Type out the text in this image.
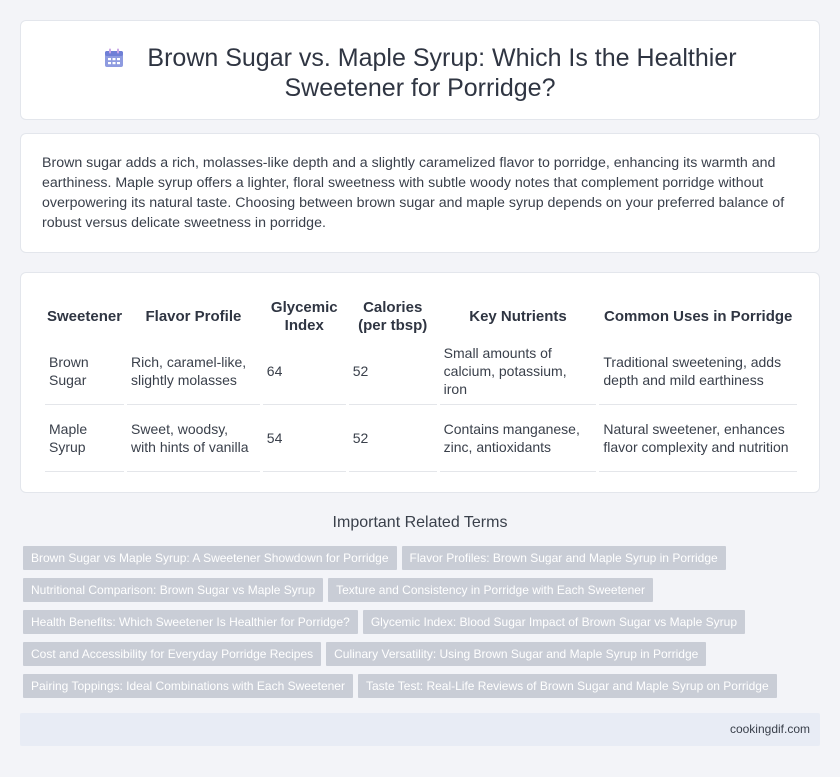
Brown Sugar vs. Maple Syrup: Which Is the Healthier Sweetener for Porridge?

Brown sugar adds a rich, molasses-like depth and a slightly caramelized flavor to porridge, enhancing its warmth and earthiness. Maple syrup offers a lighter, floral sweetness with subtle woody notes that complement porridge without overpowering its natural taste. Choosing between brown sugar and maple syrup depends on your preferred balance of robust versus delicate sweetness in porridge.

Sweetener	Flavor Profile	Glycemic Index	Calories (per tbsp)	Key Nutrients	Common Uses in Porridge
Brown Sugar	Rich, caramel-like, slightly molasses	64	52	Small amounts of calcium, potassium, iron	Traditional sweetening, adds depth and mild earthiness
Maple Syrup	Sweet, woodsy, with hints of vanilla	54	52	Contains manganese, zinc, antioxidants	Natural sweetener, enhances flavor complexity and nutrition
Important Related Terms
Brown Sugar vs Maple Syrup: A Sweetener Showdown for Porridge Flavor Profiles: Brown Sugar and Maple Syrup in Porridge
Nutritional Comparison: Brown Sugar vs Maple Syrup Texture and Consistency in Porridge with Each Sweetener
Health Benefits: Which Sweetener Is Healthier for Porridge? Glycemic Index: Blood Sugar Impact of Brown Sugar vs Maple Syrup
Cost and Accessibility for Everyday Porridge Recipes Culinary Versatility: Using Brown Sugar and Maple Syrup in Porridge
Pairing Toppings: Ideal Combinations with Each Sweetener Taste Test: Real-Life Reviews of Brown Sugar and Maple Syrup on Porridge
cookingdif.com
